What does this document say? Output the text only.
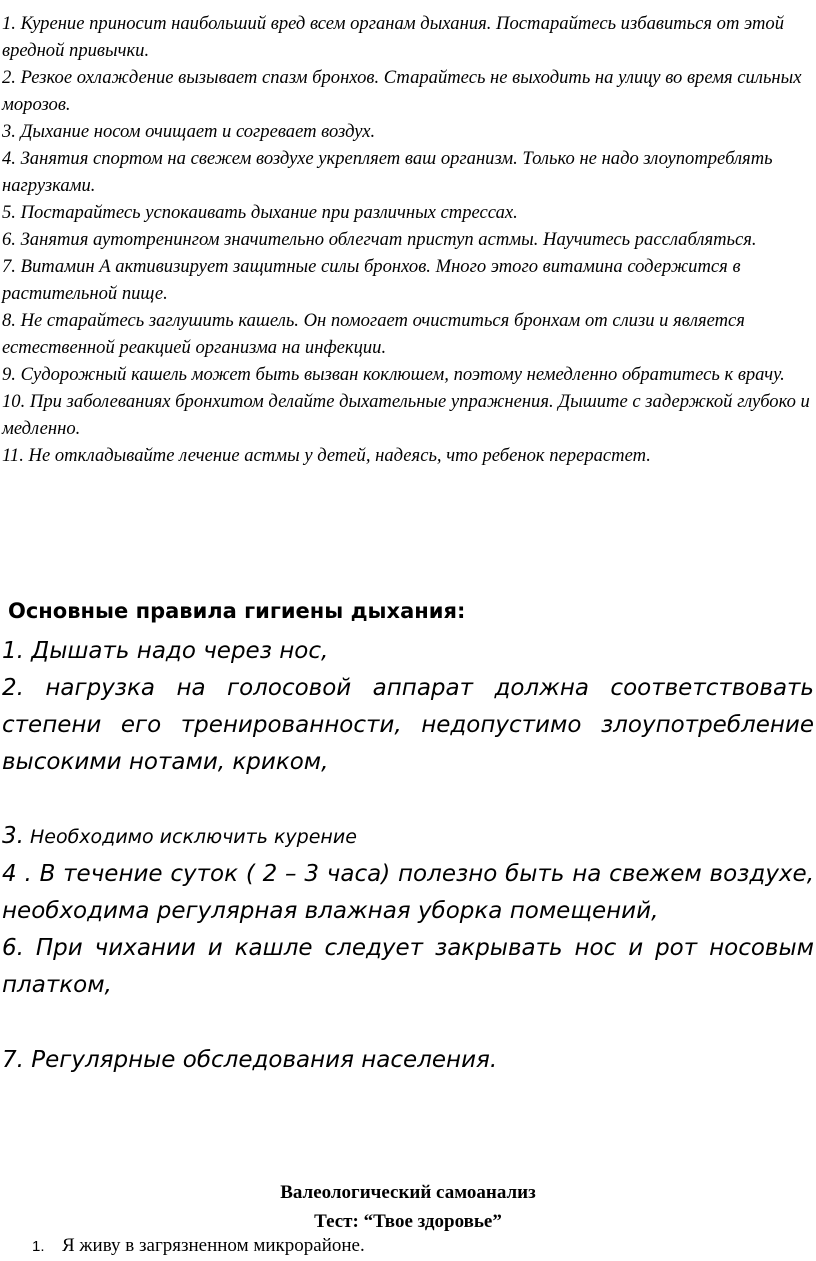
1. Курение приносит наибольший вред всем органам дыхания. Постарайтесь избавиться от этой вредной привычки.

2. Резкое охлаждение вызывает спазм бронхов. Старайтесь не выходить на улицу во время сильных морозов.

3. Дыхание носом очищает и согревает воздух.

4. Занятия спортом на свежем воздухе укрепляет ваш организм. Только не надо злоупотреблять нагрузками.

5. Постарайтесь успокаивать дыхание при различных стрессах.

6. Занятия аутотренингом значительно облегчат приступ астмы. Научитесь расслабляться.

7. Витамин А активизирует защитные силы бронхов. Много этого витамина содержится в растительной пище.

8. Не старайтесь заглушить кашель. Он помогает очиститься бронхам от слизи и является естественной реакцией организма на инфекции.

9. Судорожный кашель может быть вызван коклюшем, поэтому немедленно обратитесь к врачу.

10. При заболеваниях бронхитом делайте дыхательные упражнения. Дышите с задержкой глубоко и медленно.

11. Не откладывайте лечение астмы у детей, надеясь, что ребенок перерастет.

Основные правила гигиены дыхания:

1. Дышать надо через нос,

2. нагрузка на голосовой аппарат должна соответствовать степени его тренированности, недопустимо злоупотребление высокими нотами, криком,

3. Необходимо исключить курение

4 . В течение суток ( 2 – 3 часа) полезно быть на свежем воздухе, необходима регулярная влажная уборка помещений,

6. При чихании и кашле следует закрывать нос и рот носовым платком,

7. Регулярные обследования населения.

Валеологический самоанализ
Тест: “Твое здоровье”
1. Я живу в загрязненном микрорайоне.
